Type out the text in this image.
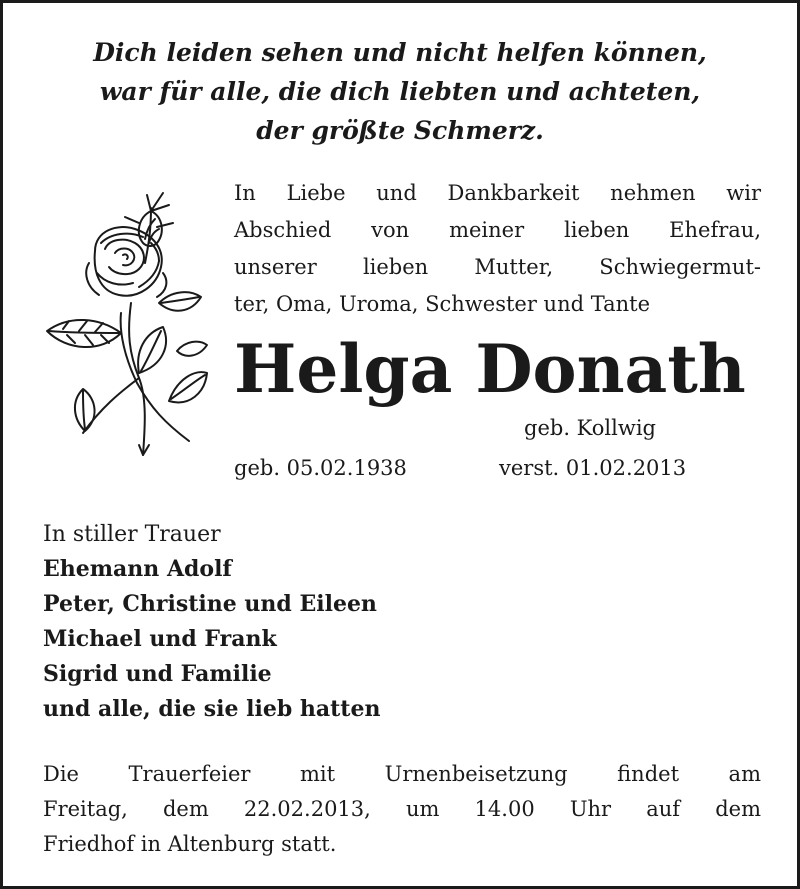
Dich leiden sehen und nicht helfen können,
war für alle, die dich liebten und achteten,
der größte Schmerz.
In Liebe und Dankbarkeit nehmen wir
Abschied von meiner lieben Ehefrau,
unserer lieben Mutter, Schwiegermut-
ter, Oma, Uroma, Schwester und Tante
Helga Donath
geb. Kollwig
geb. 05.02.1938	verst. 01.02.2013
In stiller Trauer
Ehemann Adolf
Peter, Christine und Eileen
Michael und Frank
Sigrid und Familie
und alle, die sie lieb hatten
Die Trauerfeier mit Urnenbeisetzung findet am
Freitag, dem 22.02.2013, um 14.00 Uhr auf dem
Friedhof in Altenburg statt.
